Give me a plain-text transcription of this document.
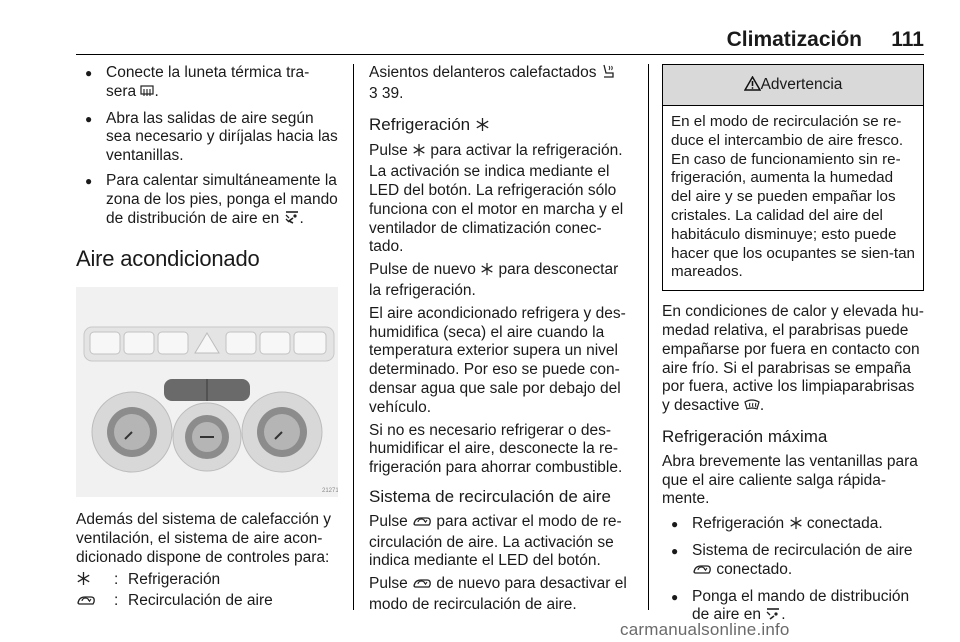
Climatización 111
● Conecte la luneta térmica tra-sera .
● Abra las salidas de aire según sea necesario y diríjalas hacia las ventanillas.
● Para calentar simultáneamente la zona de los pies, ponga el mando de distribución de aire en .
Aire acondicionado
21271

Además del sistema de calefacción y ventilación, el sistema de aire acon-dicionado dispone de controles para:

: Refrigeración
: Recirculación de aire

Asientos delanteros calefactados
3 39.

Refrigeración

Pulse para activar la refrigeración. La activación se indica mediante el LED del botón. La refrigeración sólo funciona con el motor en marcha y el ventilador de climatización conec-tado.

Pulse de nuevo para desconectar la refrigeración.

El aire acondicionado refrigera y des-humidifica (seca) el aire cuando la temperatura exterior supera un nivel determinado. Por eso se puede con-densar agua que sale por debajo del vehículo.

Si no es necesario refrigerar o des-humidificar el aire, desconecte la re-frigeración para ahorrar combustible.

Sistema de recirculación de aire

Pulse para activar el modo de re-circulación de aire. La activación se indica mediante el LED del botón.

Pulse de nuevo para desactivar el modo de recirculación de aire.

Advertencia
En el modo de recirculación se re-duce el intercambio de aire fresco. En caso de funcionamiento sin re-frigeración, aumenta la humedad del aire y se pueden empañar los cristales. La calidad del aire del habitáculo disminuye; esto puede hacer que los ocupantes se sien-tan mareados.

En condiciones de calor y elevada hu-medad relativa, el parabrisas puede empañarse por fuera en contacto con aire frío. Si el parabrisas se empaña por fuera, active los limpiaparabrisas y desactive .

Refrigeración máxima

Abra brevemente las ventanillas para que el aire caliente salga rápida-mente.

● Refrigeración conectada.
● Sistema de recirculación de aire  conectado.
● Ponga el mando de distribución de aire en .
carmanualsonline.info
